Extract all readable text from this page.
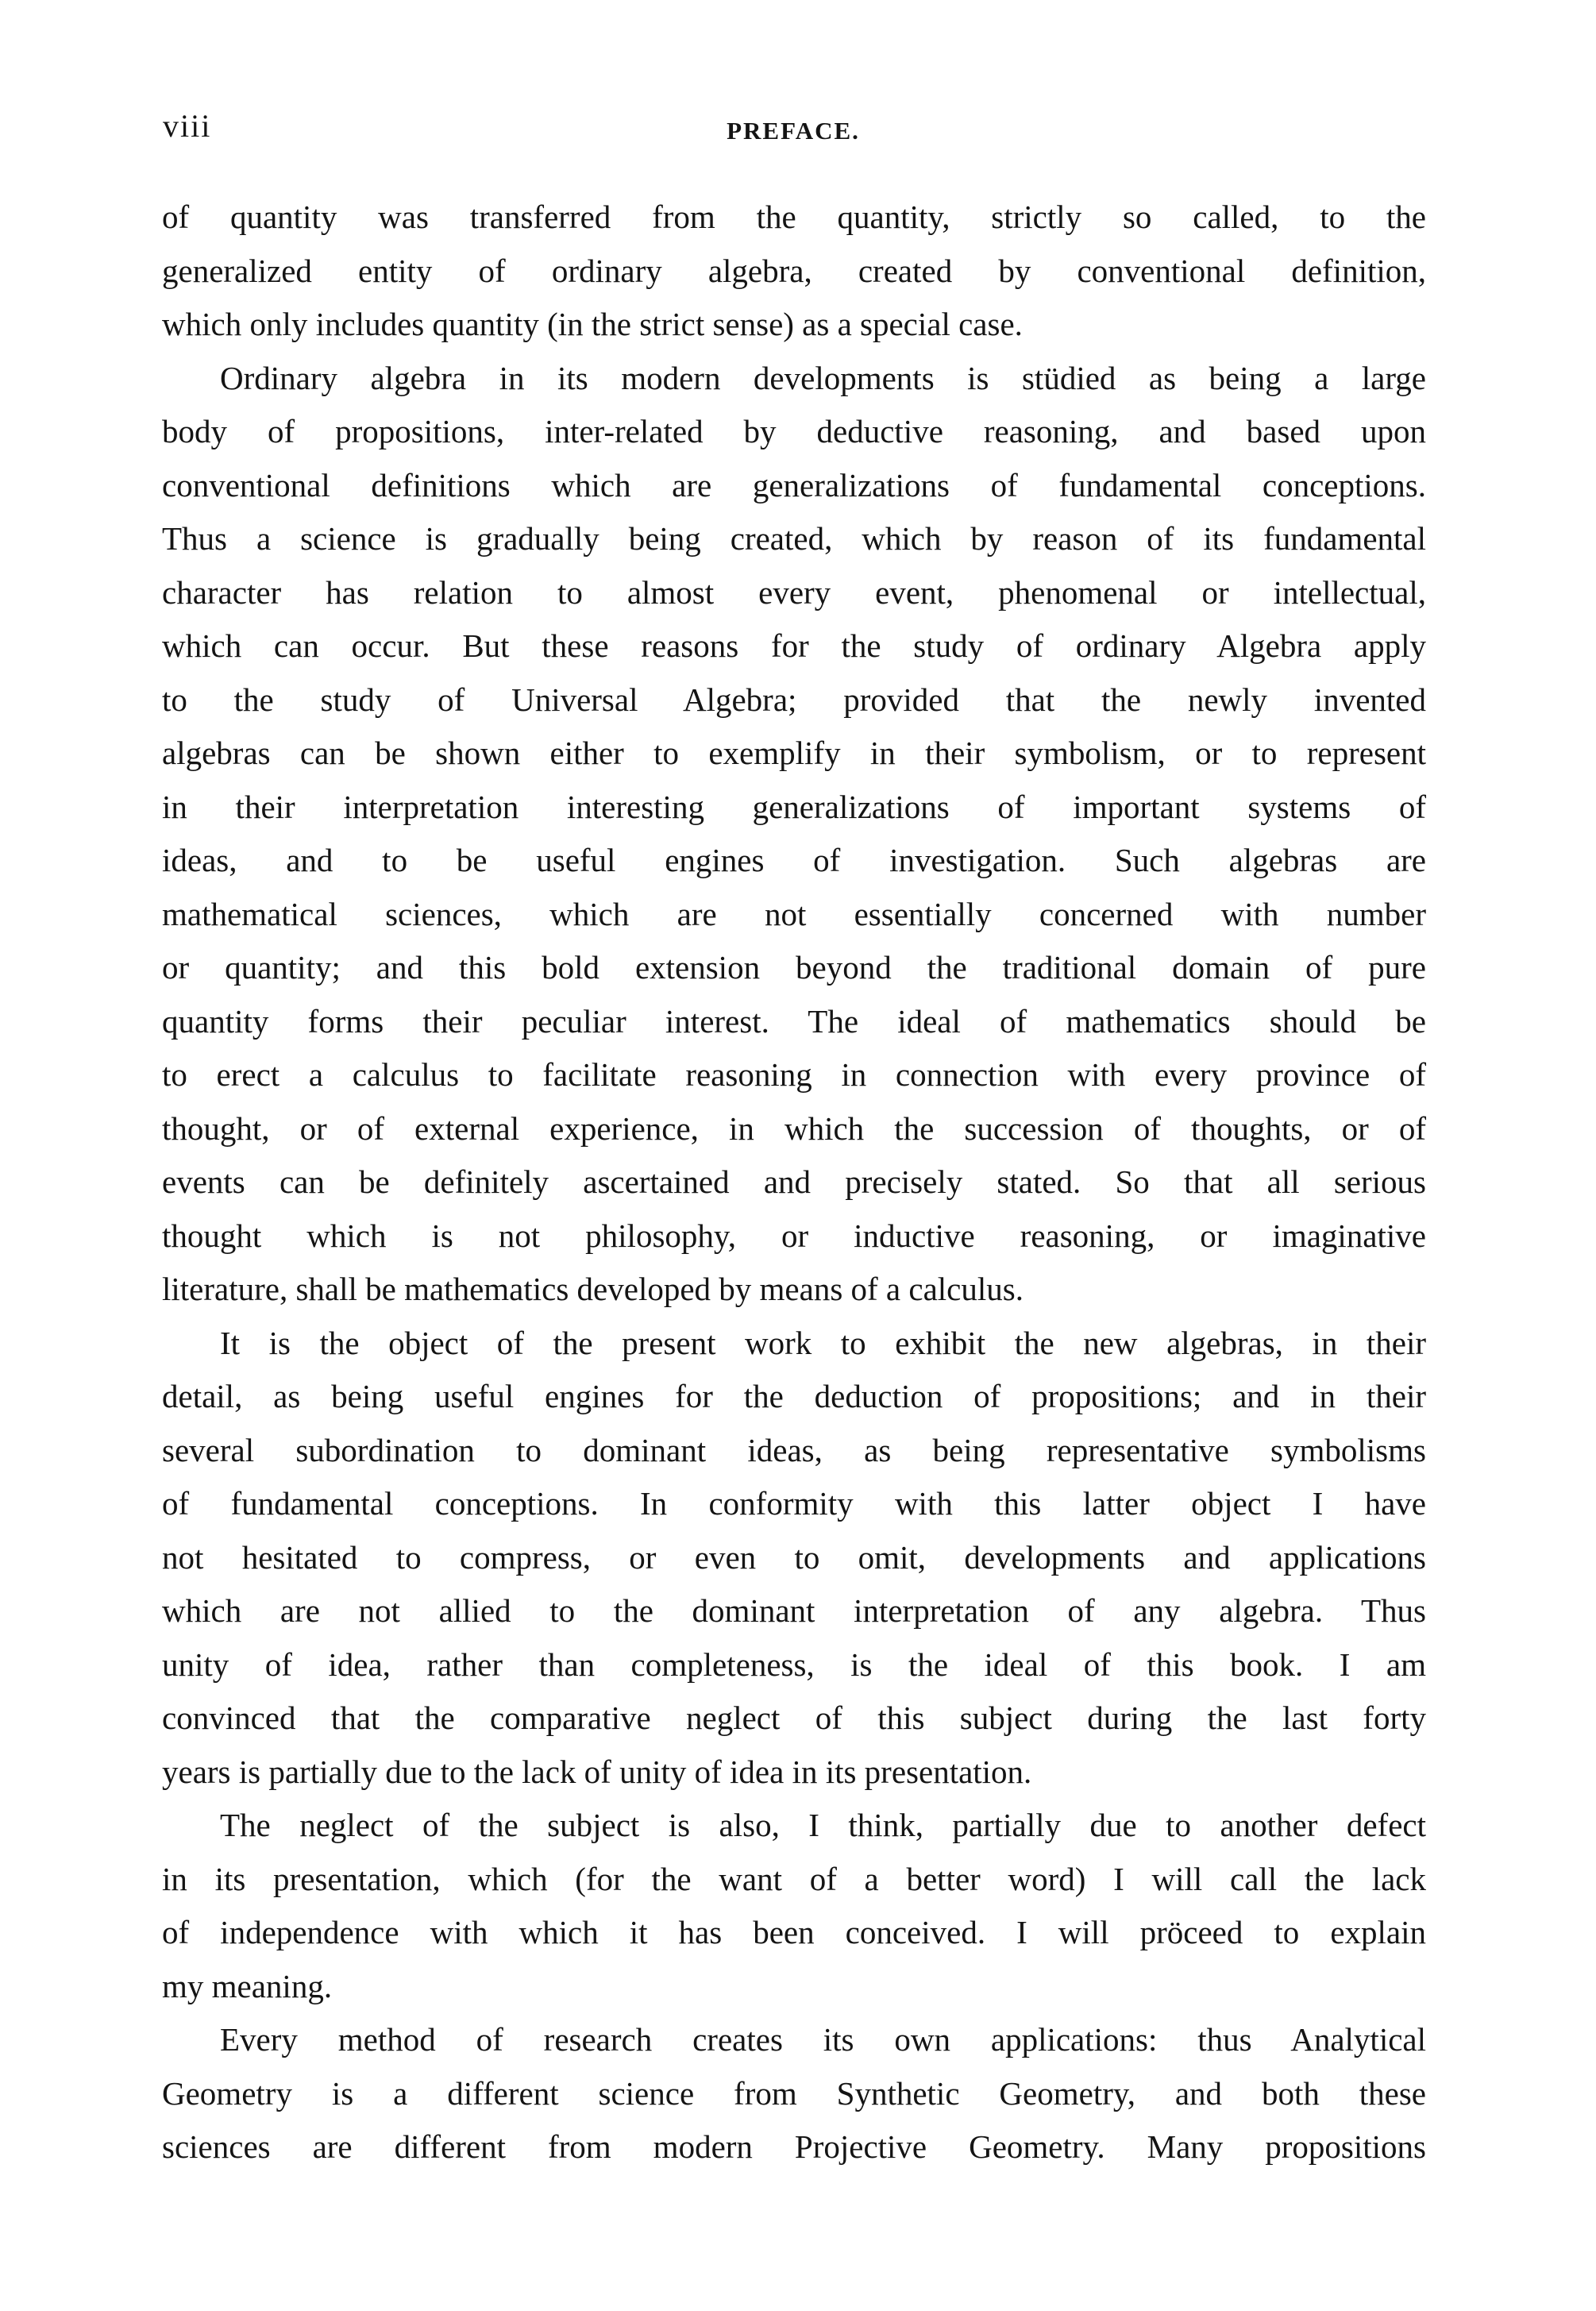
viii	PREFACE.

of quantity was transferred from the quantity, strictly so called, to the
generalized entity of ordinary algebra, created by conventional definition,
which only includes quantity (in the strict sense) as a special case.

Ordinary algebra in its modern developments is stüdied as being a large
body of propositions, inter-related by deductive reasoning, and based upon
conventional definitions which are generalizations of fundamental conceptions.
Thus a science is gradually being created, which by reason of its fundamental
character has relation to almost every event, phenomenal or intellectual,
which can occur. But these reasons for the study of ordinary Algebra apply
to the study of Universal Algebra; provided that the newly invented
algebras can be shown either to exemplify in their symbolism, or to represent
in their interpretation interesting generalizations of important systems of
ideas, and to be useful engines of investigation. Such algebras are
mathematical sciences, which are not essentially concerned with number
or quantity; and this bold extension beyond the traditional domain of pure
quantity forms their peculiar interest. The ideal of mathematics should be
to erect a calculus to facilitate reasoning in connection with every province of
thought, or of external experience, in which the succession of thoughts, or of
events can be definitely ascertained and precisely stated. So that all serious
thought which is not philosophy, or inductive reasoning, or imaginative
literature, shall be mathematics developed by means of a calculus.

It is the object of the present work to exhibit the new algebras, in their
detail, as being useful engines for the deduction of propositions; and in their
several subordination to dominant ideas, as being representative symbolisms
of fundamental conceptions. In conformity with this latter object I have
not hesitated to compress, or even to omit, developments and applications
which are not allied to the dominant interpretation of any algebra. Thus
unity of idea, rather than completeness, is the ideal of this book. I am
convinced that the comparative neglect of this subject during the last forty
years is partially due to the lack of unity of idea in its presentation.

The neglect of the subject is also, I think, partially due to another defect
in its presentation, which (for the want of a better word) I will call the lack
of independence with which it has been conceived. I will pröceed to explain
my meaning.

Every method of research creates its own applications: thus Analytical
Geometry is a different science from Synthetic Geometry, and both these
sciences are different from modern Projective Geometry. Many propositions
